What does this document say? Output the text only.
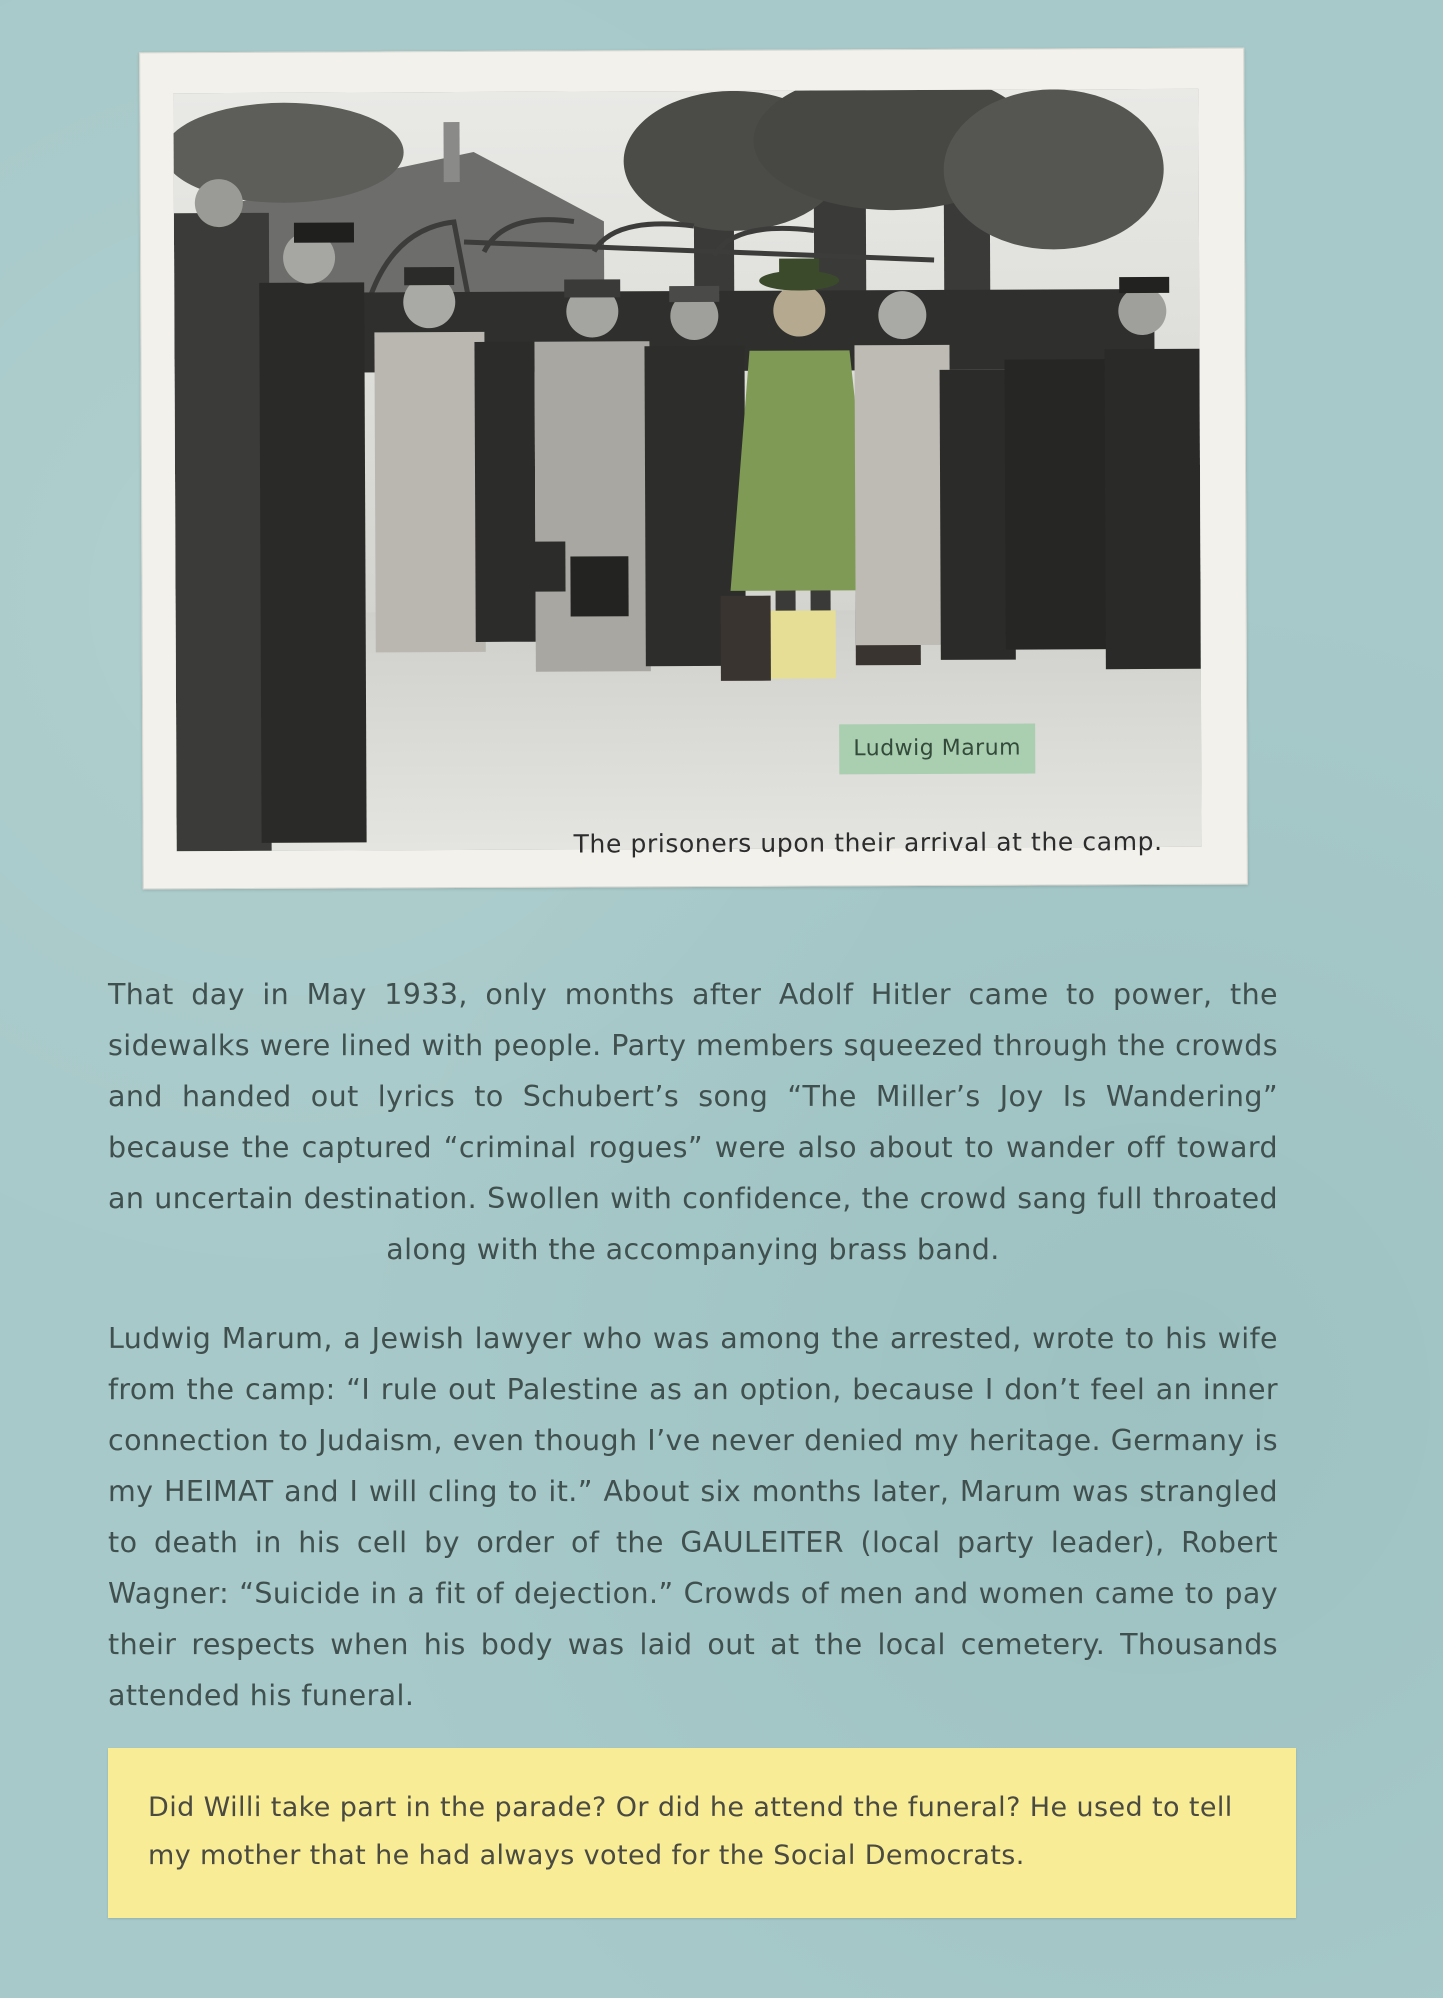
Ludwig Marum
The prisoners upon their arrival at the camp.

That day in May 1933, only months after Adolf Hitler came to power, the sidewalks were lined with people. Party members squeezed through the crowds and handed out lyrics to Schubert’s song “The Miller’s Joy Is Wandering” because the captured “criminal rogues” were also about to wander off toward an uncertain destination. Swollen with confidence, the crowd sang full throated along with the accompanying brass band.

Ludwig Marum, a Jewish lawyer who was among the arrested, wrote to his wife from the camp: “I rule out Palestine as an option, because I don’t feel an inner connection to Judaism, even though I’ve never denied my heritage. Germany is my HEIMAT and I will cling to it.” About six months later, Marum was strangled to death in his cell by order of the GAULEITER (local party leader), Robert Wagner: “Suicide in a fit of dejection.” Crowds of men and women came to pay their respects when his body was laid out at the local cemetery. Thousands attended his funeral.

Did Willi take part in the parade? Or did he attend the funeral? He used to tell my mother that he had always voted for the Social Democrats.
